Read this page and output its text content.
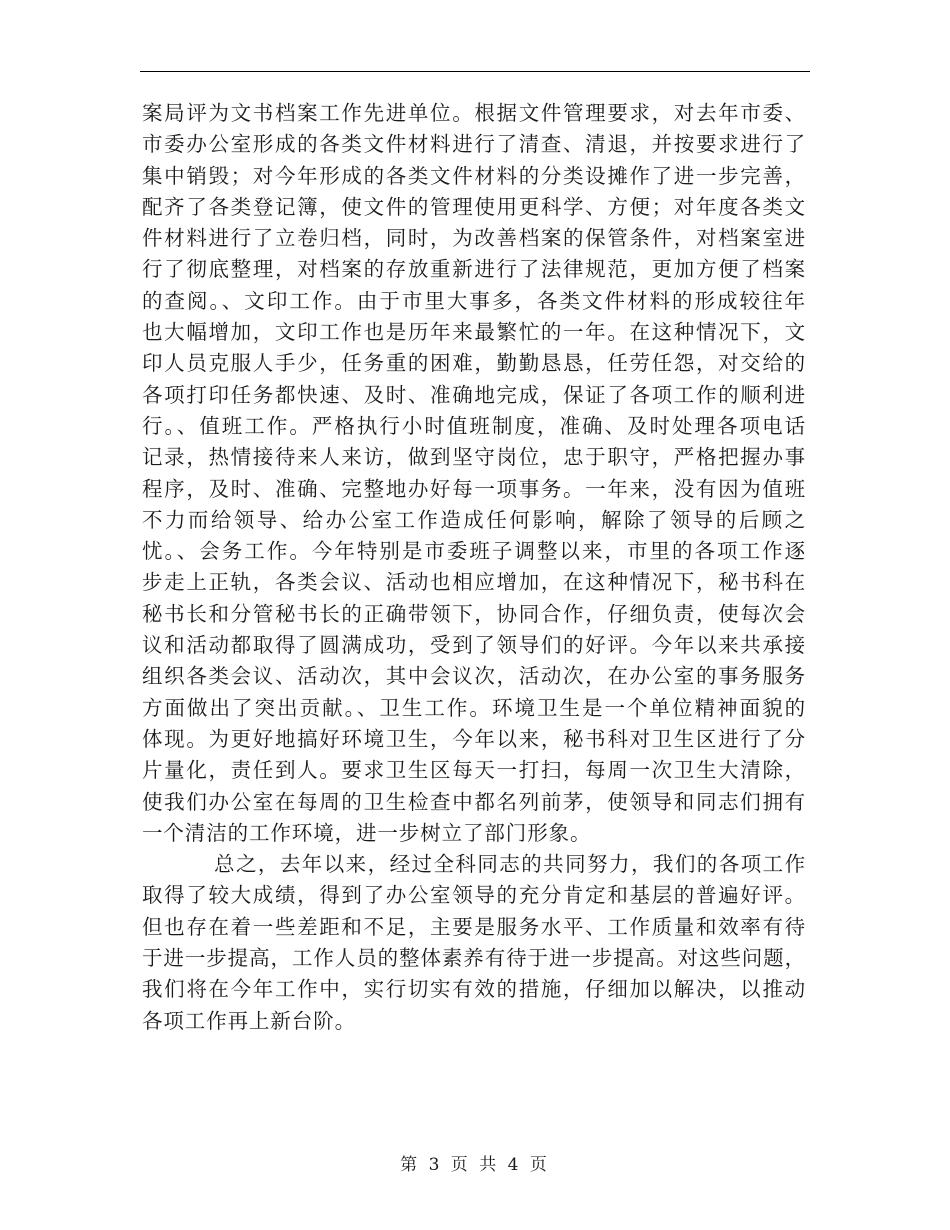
案局评为文书档案工作先进单位。根据文件管理要求，对去年市委、
市委办公室形成的各类文件材料进行了清查、清退，并按要求进行了
集中销毁；对今年形成的各类文件材料的分类设摊作了进一步完善，
配齐了各类登记簿，使文件的管理使用更科学、方便；对年度各类文
件材料进行了立卷归档，同时，为改善档案的保管条件，对档案室进
行了彻底整理，对档案的存放重新进行了法律规范，更加方便了档案
的查阅。、文印工作。由于市里大事多，各类文件材料的形成较往年
也大幅增加，文印工作也是历年来最繁忙的一年。在这种情况下，文
印人员克服人手少，任务重的困难，勤勤恳恳，任劳任怨，对交给的
各项打印任务都快速、及时、准确地完成，保证了各项工作的顺利进
行。、值班工作。严格执行小时值班制度，准确、及时处理各项电话
记录，热情接待来人来访，做到坚守岗位，忠于职守，严格把握办事
程序，及时、准确、完整地办好每一项事务。一年来，没有因为值班
不力而给领导、给办公室工作造成任何影响，解除了领导的后顾之
忧。、会务工作。今年特别是市委班子调整以来，市里的各项工作逐
步走上正轨，各类会议、活动也相应增加，在这种情况下，秘书科在
秘书长和分管秘书长的正确带领下，协同合作，仔细负责，使每次会
议和活动都取得了圆满成功，受到了领导们的好评。今年以来共承接
组织各类会议、活动次，其中会议次，活动次，在办公室的事务服务
方面做出了突出贡献。、卫生工作。环境卫生是一个单位精神面貌的
体现。为更好地搞好环境卫生，今年以来，秘书科对卫生区进行了分
片量化，责任到人。要求卫生区每天一打扫，每周一次卫生大清除，
使我们办公室在每周的卫生检查中都名列前茅，使领导和同志们拥有
一个清洁的工作环境，进一步树立了部门形象。
总之，去年以来，经过全科同志的共同努力，我们的各项工作
取得了较大成绩，得到了办公室领导的充分肯定和基层的普遍好评。
但也存在着一些差距和不足，主要是服务水平、工作质量和效率有待
于进一步提高，工作人员的整体素养有待于进一步提高。对这些问题，
我们将在今年工作中，实行切实有效的措施，仔细加以解决，以推动
各项工作再上新台阶。
第 3 页 共 4 页
